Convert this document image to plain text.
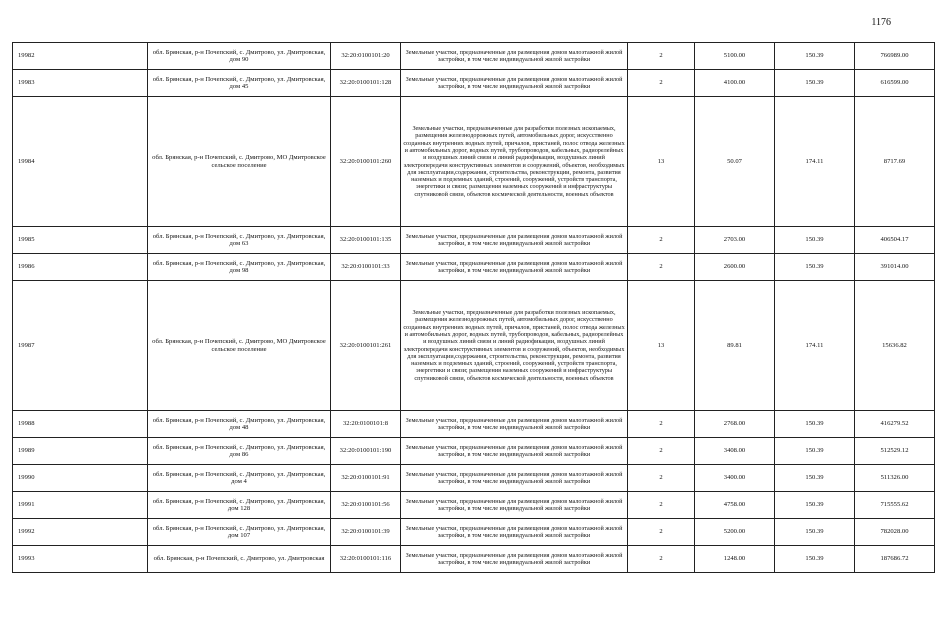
1176
19982	обл. Брянская, р-н Почепский, с. Дмитрово, ул. Дмитровская, дом 90	32:20:0100101:20	Земельные участки, предназначенные для размещения домов малоэтажной жилой застройки, в том числе индивидуальной жилой застройки	2	5100.00	150.39	766989.00
19983	обл. Брянская, р-н Почепский, с. Дмитрово, ул. Дмитровская, дом 45	32:20:0100101:128	Земельные участки, предназначенные для размещения домов малоэтажной жилой застройки, в том числе индивидуальной жилой застройки	2	4100.00	150.39	616599.00
19984	обл. Брянская, р-н Почепский, с. Дмитрово, МО Дмитровское сельское поселение	32:20:0100101:260	Земельные участки, предназначенные для разработки полезных ископаемых, размещения железнодорожных путей, автомобильных дорог, искусственно созданных внутренних водных путей, причалов, пристаней, полос отвода железных и автомобильных дорог, водных путей, трубопроводов, кабельных, радиорелейных и воздушных линий связи и линий радиофикации, воздушных линий электропередачи конструктивных элементов и сооружений, объектов, необходимых для эксплуатации,содержания, строительства, реконструкции, ремонта, развития наземных и подземных зданий, строений, сооружений, устройств транспорта, энергетики и связи; размещения наземных сооружений и инфраструктуры спутниковой связи, объектов космической деятельности, военных объектов	13	50.07	174.11	8717.69
19985	обл. Брянская, р-н Почепский, с. Дмитрово, ул. Дмитровская, дом 63	32:20:0100101:135	Земельные участки, предназначенные для размещения домов малоэтажной жилой застройки, в том числе индивидуальной жилой застройки	2	2703.00	150.39	406504.17
19986	обл. Брянская, р-н Почепский, с. Дмитрово, ул. Дмитровская, дом 98	32:20:0100101:33	Земельные участки, предназначенные для размещения домов малоэтажной жилой застройки, в том числе индивидуальной жилой застройки	2	2600.00	150.39	391014.00
19987	обл. Брянская, р-н Почепский, с. Дмитрово, МО Дмитровское сельское поселение	32:20:0100101:261	Земельные участки, предназначенные для разработки полезных ископаемых, размещения железнодорожных путей, автомобильных дорог, искусственно созданных внутренних водных путей, причалов, пристаней, полос отвода железных и автомобильных дорог, водных путей, трубопроводов, кабельных, радиорелейных и воздушных линий связи и линий радиофикации, воздушных линий электропередачи конструктивных элементов и сооружений, объектов, необходимых для эксплуатации,содержания, строительства, реконструкции, ремонта, развития наземных и подземных зданий, строений, сооружений, устройств транспорта, энергетики и связи; размещения наземных сооружений и инфраструктуры спутниковой связи, объектов космической деятельности, военных объектов	13	89.81	174.11	15636.82
19988	обл. Брянская, р-н Почепский, с. Дмитрово, ул. Дмитровская, дом 48	32:20:0100101:8	Земельные участки, предназначенные для размещения домов малоэтажной жилой застройки, в том числе индивидуальной жилой застройки	2	2768.00	150.39	416279.52
19989	обл. Брянская, р-н Почепский, с. Дмитрово, ул. Дмитровская, дом 86	32:20:0100101:190	Земельные участки, предназначенные для размещения домов малоэтажной жилой застройки, в том числе индивидуальной жилой застройки	2	3408.00	150.39	512529.12
19990	обл. Брянская, р-н Почепский, с. Дмитрово, ул. Дмитровская, дом 4	32:20:0100101:91	Земельные участки, предназначенные для размещения домов малоэтажной жилой застройки, в том числе индивидуальной жилой застройки	2	3400.00	150.39	511326.00
19991	обл. Брянская, р-н Почепский, с. Дмитрово, ул. Дмитровская, дом 128	32:20:0100101:56	Земельные участки, предназначенные для размещения домов малоэтажной жилой застройки, в том числе индивидуальной жилой застройки	2	4758.00	150.39	715555.62
19992	обл. Брянская, р-н Почепский, с. Дмитрово, ул. Дмитровская, дом 107	32:20:0100101:39	Земельные участки, предназначенные для размещения домов малоэтажной жилой застройки, в том числе индивидуальной жилой застройки	2	5200.00	150.39	782028.00
19993	обл. Брянская, р-н Почепский, с. Дмитрово, ул. Дмитровская	32:20:0100101:116	Земельные участки, предназначенные для размещения домов малоэтажной жилой застройки, в том числе индивидуальной жилой застройки	2	1248.00	150.39	187686.72
